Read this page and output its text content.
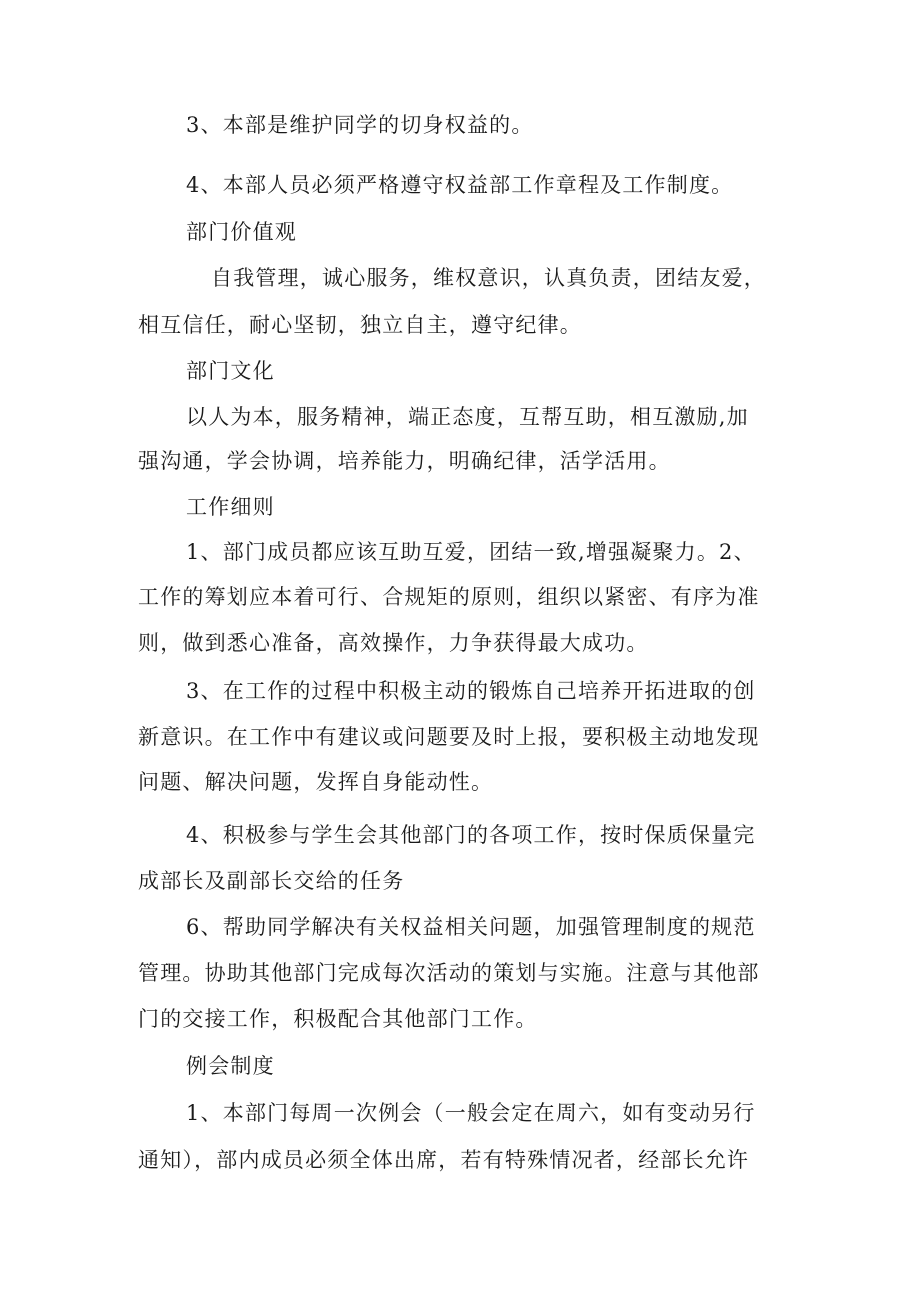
3、本部是维护同学的切身权益的。
4、本部人员必须严格遵守权益部工作章程及工作制度。
部门价值观
自我管理，诚心服务，维权意识，认真负责，团结友爱，
相互信任，耐心坚韧，独立自主，遵守纪律。
部门文化
以人为本，服务精神，端正态度，互帮互助，相互激励,加
强沟通，学会协调，培养能力，明确纪律，活学活用。
工作细则
1、部门成员都应该互助互爱，团结一致,增强凝聚力。2、
工作的筹划应本着可行、合规矩的原则，组织以紧密、有序为准
则，做到悉心准备，高效操作，力争获得最大成功。
3、在工作的过程中积极主动的锻炼自己培养开拓进取的创
新意识。在工作中有建议或问题要及时上报，要积极主动地发现
问题、解决问题，发挥自身能动性。
4、积极参与学生会其他部门的各项工作，按时保质保量完
成部长及副部长交给的任务
6、帮助同学解决有关权益相关问题，加强管理制度的规范
管理。协助其他部门完成每次活动的策划与实施。注意与其他部
门的交接工作，积极配合其他部门工作。
例会制度
1、本部门每周一次例会（一般会定在周六，如有变动另行
通知），部内成员必须全体出席，若有特殊情况者，经部长允许
